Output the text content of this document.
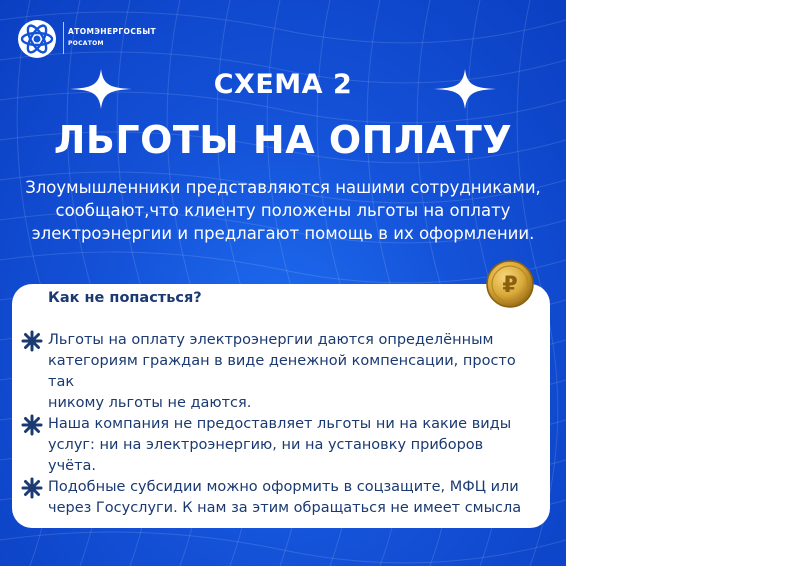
АТОМЭНЕРГОСБЫТ
РОСАТОМ
СХЕМА 2
ЛЬГОТЫ НА ОПЛАТУ
Злоумышленники представляются нашими сотрудниками,
сообщают,что клиенту положены льготы на оплату
электроэнергии и предлагают помощь в их оформлении.
Как не попасться?
Льготы на оплату электроэнергии даются определённым
категориям граждан в виде денежной компенсации, просто так
никому льготы не даются.
Наша компания не предоставляет льготы ни на какие виды
услуг: ни на электроэнергию, ни на установку приборов учёта.
Подобные субсидии можно оформить в соцзащите, МФЦ или
через Госуслуги. К нам за этим обращаться не имеет смысла
₽
